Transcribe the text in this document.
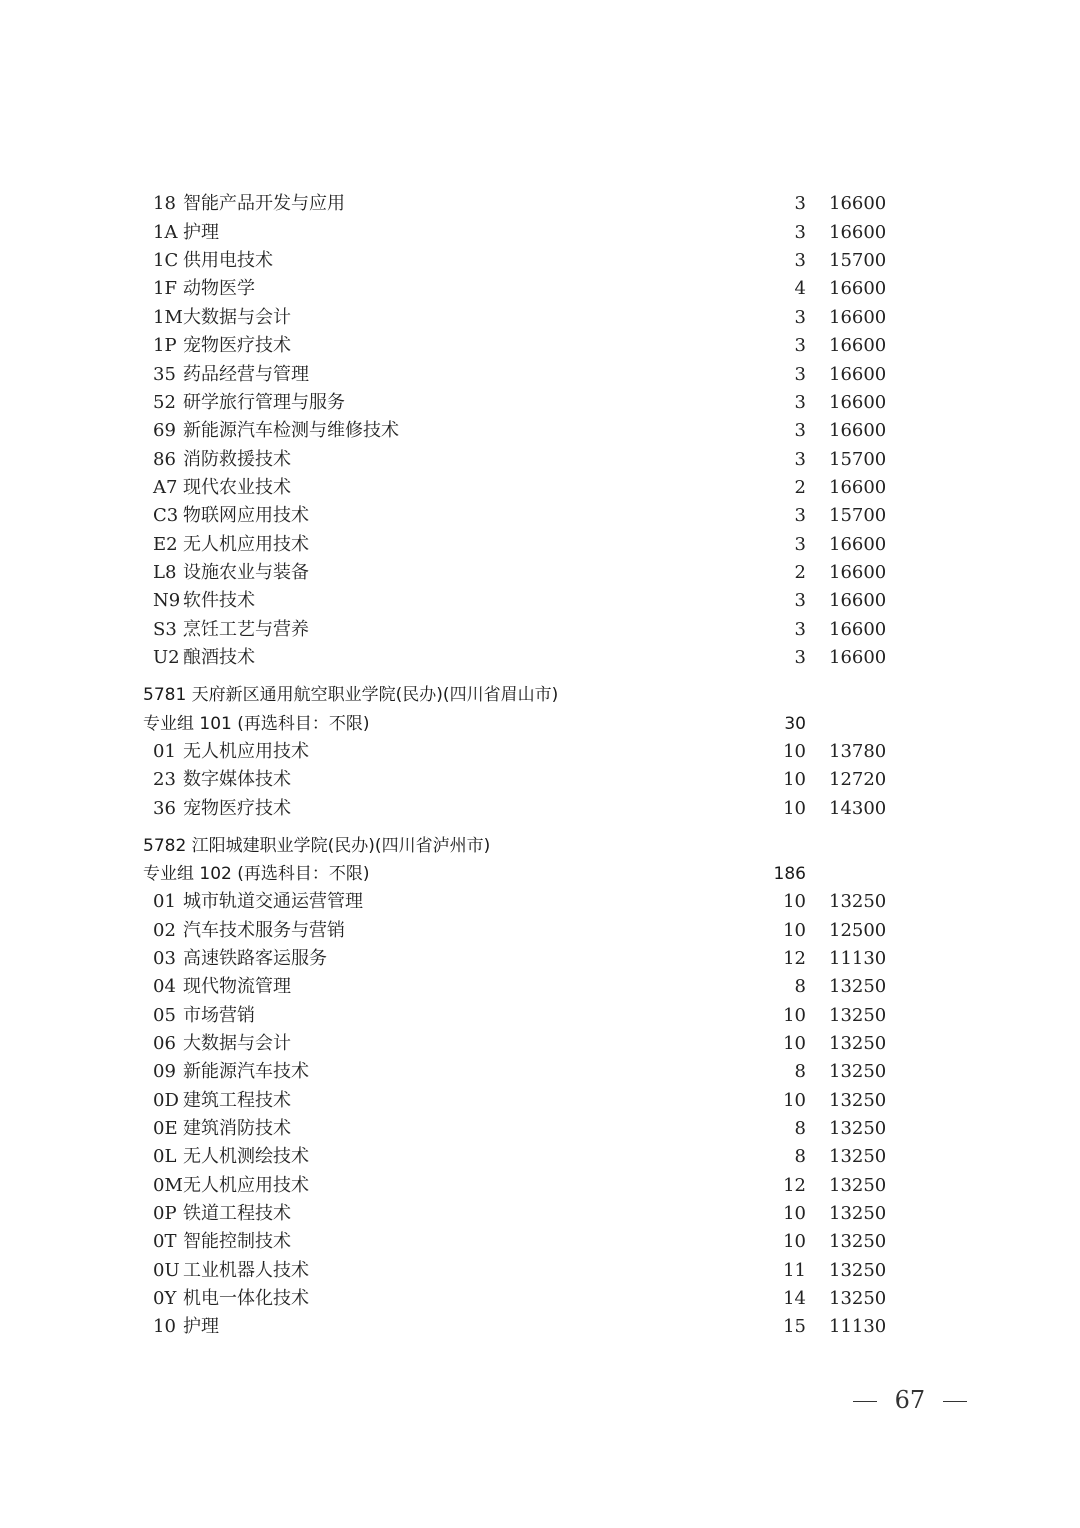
18 智能产品开发与应用	3 16600
1A 护理	3 16600
1C 供用电技术	3 15700
1F 动物医学	4 16600
1M 大数据与会计	3 16600
1P 宠物医疗技术	3 16600
35 药品经营与管理	3 16600
52 研学旅行管理与服务	3 16600
69 新能源汽车检测与维修技术	3 16600
86 消防救援技术	3 15700
A7 现代农业技术	2 16600
C3 物联网应用技术	3 15700
E2 无人机应用技术	3 16600
L8 设施农业与装备	2 16600
N9 软件技术	3 16600
S3 烹饪工艺与营养	3 16600
U2 酿酒技术	3 16600
5781 天府新区通用航空职业学院(民办)(四川省眉山市)
专业组 101 (再选科目：不限)	30
01 无人机应用技术	10 13780
23 数字媒体技术	10 12720
36 宠物医疗技术	10 14300
5782 江阳城建职业学院(民办)(四川省泸州市)
专业组 102 (再选科目：不限)	186
01 城市轨道交通运营管理	10 13250
02 汽车技术服务与营销	10 12500
03 高速铁路客运服务	12 11130
04 现代物流管理	8 13250
05 市场营销	10 13250
06 大数据与会计	10 13250
09 新能源汽车技术	8 13250
0D 建筑工程技术	10 13250
0E 建筑消防技术	8 13250
0L 无人机测绘技术	8 13250
0M 无人机应用技术	12 13250
0P 铁道工程技术	10 13250
0T 智能控制技术	10 13250
0U 工业机器人技术	11 13250
0Y 机电一体化技术	14 13250
10 护理	15 11130
67
